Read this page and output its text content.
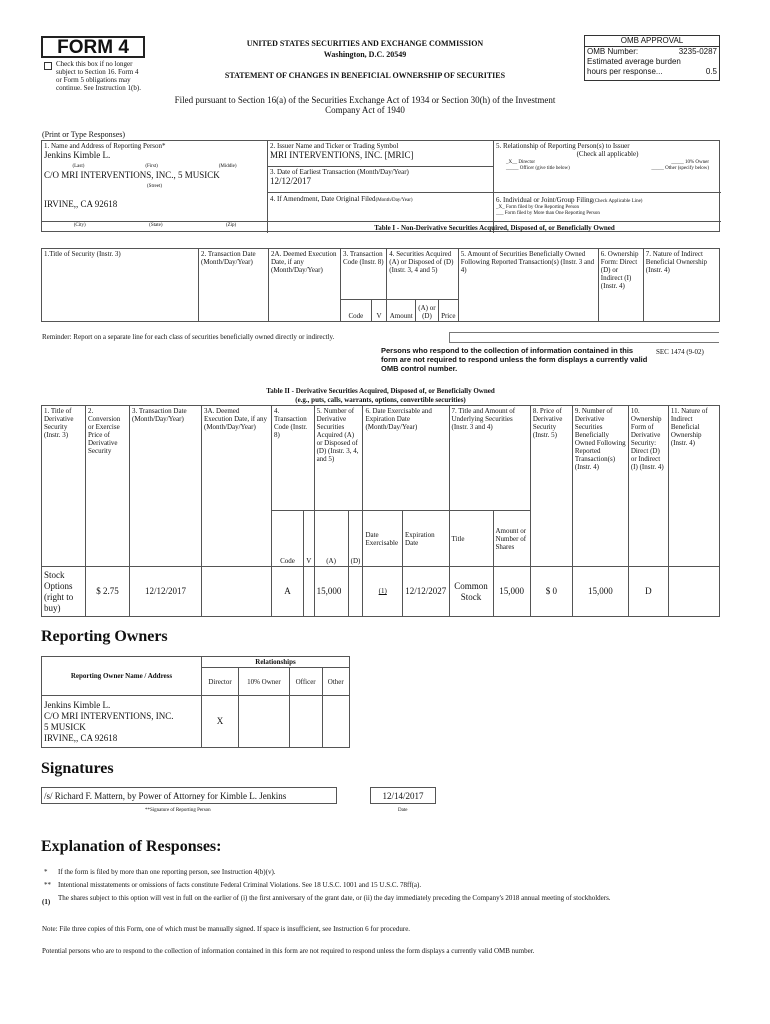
FORM 4
Check this box if no longer subject to Section 16. Form 4 or Form 5 obligations may continue. See Instruction 1(b).
UNITED STATES SECURITIES AND EXCHANGE COMMISSION
Washington, D.C. 20549
STATEMENT OF CHANGES IN BENEFICIAL OWNERSHIP OF SECURITIES
Filed pursuant to Section 16(a) of the Securities Exchange Act of 1934 or Section 30(h) of the Investment Company Act of 1940
OMB APPROVAL
OMB Number:	3235-0287
Estimated average burden
hours per response...	0.5
(Print or Type Responses)
1. Name and Address of Reporting Person*
Jenkins Kimble L.
(Last)	(First)	(Middle)
C/O MRI INTERVENTIONS, INC., 5 MUSICK
(Street)
IRVINE,, CA 92618
(City)	(State)	(Zip)
2. Issuer Name and Ticker or Trading Symbol
MRI INTERVENTIONS, INC. [MRIC]
3. Date of Earliest Transaction (Month/Day/Year)
12/12/2017
4. If Amendment, Date Original Filed(Month/Day/Year)
5. Relationship of Reporting Person(s) to Issuer
(Check all applicable)
_X__ Director	_____ 10% Owner
_____ Officer (give title below)	_____ Other (specify below)
6. Individual or Joint/Group Filing(Check Applicable Line)
_X_ Form filed by One Reporting Person
___ Form filed by More than One Reporting Person
Table I - Non-Derivative Securities Acquired, Disposed of, or Beneficially Owned
1.Title of Security (Instr. 3)	2. Transaction Date (Month/Day/Year)	2A. Deemed Execution Date, if any (Month/Day/Year)	3. Transaction Code (Instr. 8)		4. Securities Acquired (A) or Disposed of (D) (Instr. 3, 4 and 5)			5. Amount of Securities Beneficially Owned Following Reported Transaction(s) (Instr. 3 and 4)	6. Ownership Form: Direct (D) or Indirect (I) (Instr. 4)	7. Nature of Indirect Beneficial Ownership (Instr. 4)
			Code	V	Amount	(A) or (D)	Price			
Reminder: Report on a separate line for each class of securities beneficially owned directly or indirectly.
Persons who respond to the collection of information contained in this form are not required to respond unless the form displays a currently valid OMB control number.
SEC 1474 (9-02)
Table II - Derivative Securities Acquired, Disposed of, or Beneficially Owned
(e.g., puts, calls, warrants, options, convertible securities)
1. Title of Derivative Security (Instr. 3)	2. Conversion or Exercise Price of Derivative Security	3. Transaction Date (Month/Day/Year)	3A. Deemed Execution Date, if any (Month/Day/Year)	4. Transaction Code (Instr. 8)		5. Number of Derivative Securities Acquired (A) or Disposed of (D) (Instr. 3, 4, and 5)		6. Date Exercisable and Expiration Date (Month/Day/Year)		7. Title and Amount of Underlying Securities (Instr. 3 and 4)		8. Price of Derivative Security (Instr. 5)	9. Number of Derivative Securities Beneficially Owned Following Reported Transaction(s) (Instr. 4)	10. Ownership Form of Derivative Security: Direct (D) or Indirect (I) (Instr. 4)	11. Nature of Indirect Beneficial Ownership (Instr. 4)
				Code	V	(A)	(D)	Date Exercisable	Expiration Date	Title	Amount or Number of Shares				
Stock Options (right to buy)	$ 2.75	12/12/2017		A		15,000		(1)	12/12/2027	Common Stock	15,000	$ 0	15,000	D	
Reporting Owners
Reporting Owner Name / Address	Relationships			
	Director	10% Owner	Officer	Other

Jenkins Kimble L.
C/O MRI INTERVENTIONS, INC.
5 MUSICK
IRVINE,, CA 92618	X			
Signatures
/s/ Richard F. Mattern, by Power of Attorney for Kimble L. Jenkins	12/14/2017
**Signature of Reporting Person	Date
Explanation of Responses:
* If the form is filed by more than one reporting person, see Instruction 4(b)(v).
** Intentional misstatements or omissions of facts constitute Federal Criminal Violations. See 18 U.S.C. 1001 and 15 U.S.C. 78ff(a).
(1)	The shares subject to this option will vest in full on the earlier of (i) the first anniversary of the grant date, or (ii) the day immediately preceding the Company's 2018 annual meeting of stockholders.
Note: File three copies of this Form, one of which must be manually signed. If space is insufficient, see Instruction 6 for procedure.
Potential persons who are to respond to the collection of information contained in this form are not required to respond unless the form displays a currently valid OMB number.
